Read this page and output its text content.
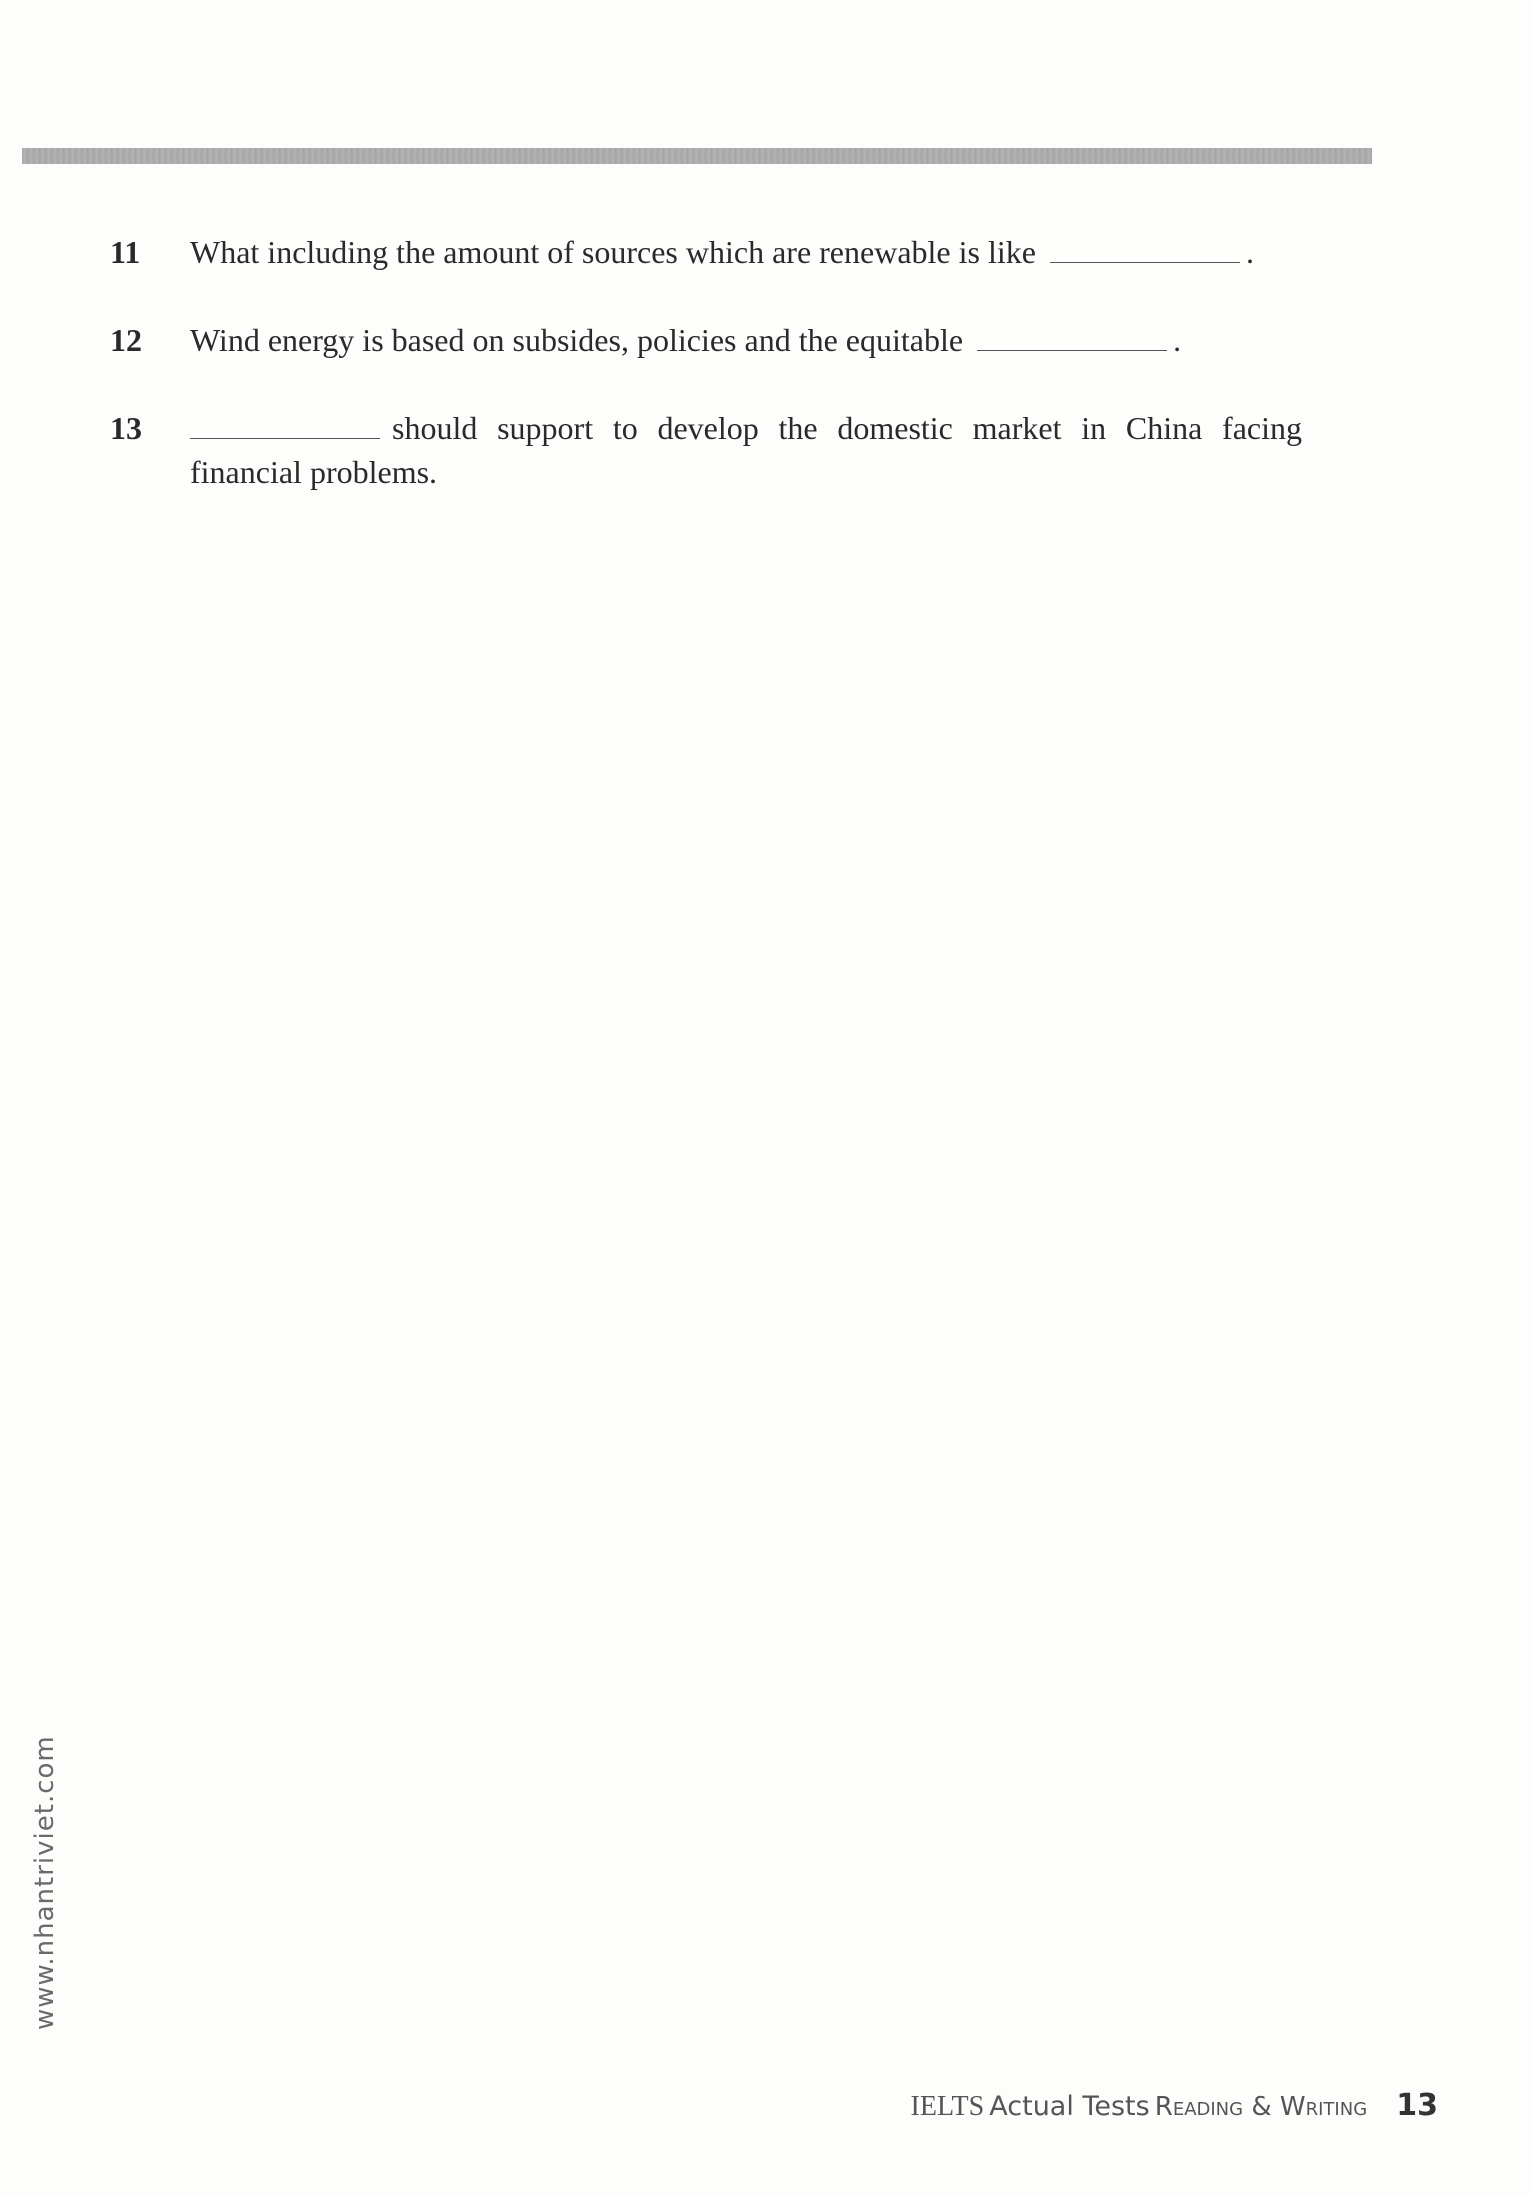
11	What including the amount of sources which are renewable is like	.
12	Wind energy is based on subsides, policies and the equitable	.
13	should support to develop the domestic market in China facing financial problems.
www.nhantriviet.com
IELTS Actual Tests Reading & Writing 13
